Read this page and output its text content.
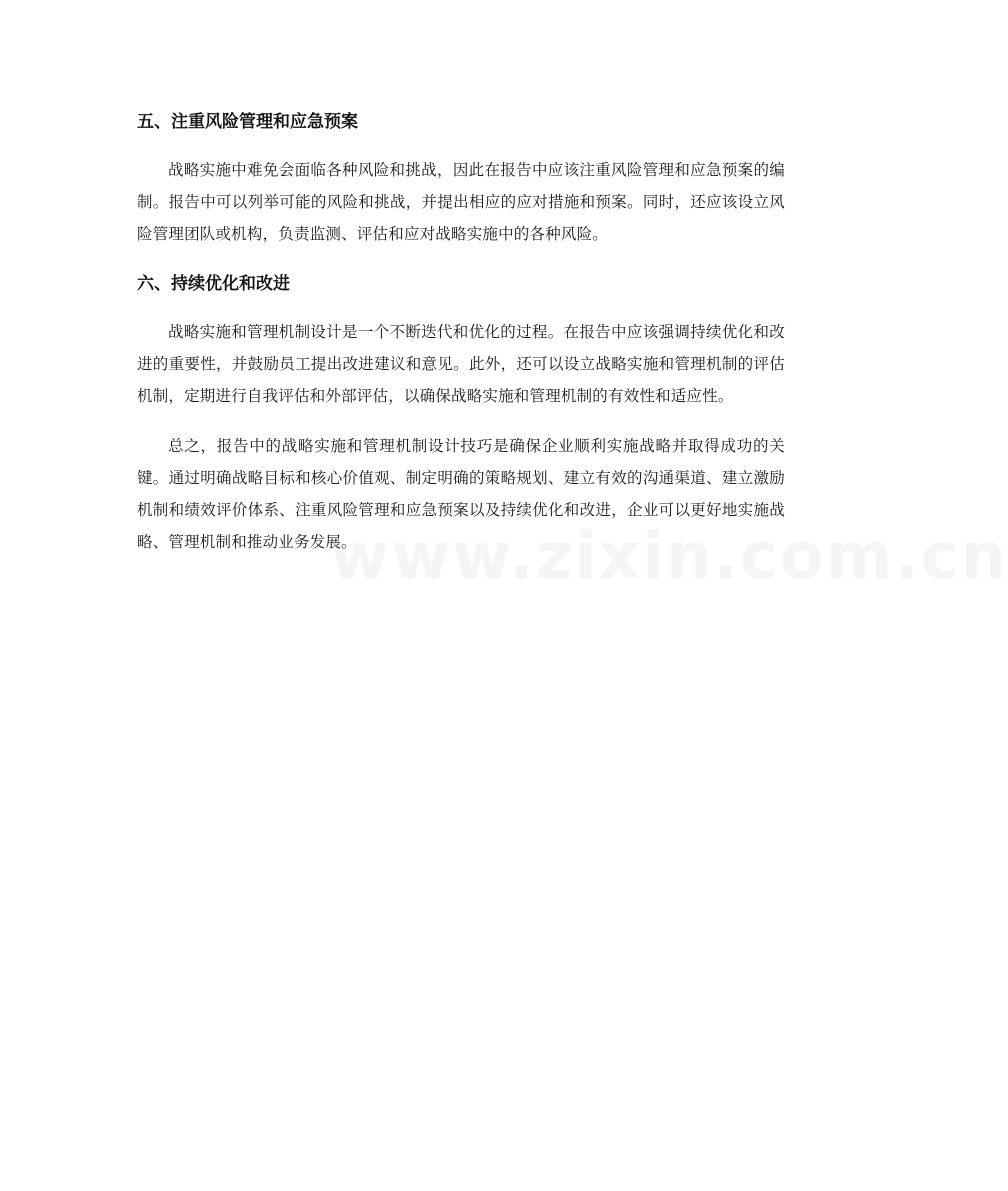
www.zixin.com.cn
五、注重风险管理和应急预案

战略实施中难免会面临各种风险和挑战，因此在报告中应该注重风险管理和应急预案的编制。报告中可以列举可能的风险和挑战，并提出相应的应对措施和预案。同时，还应该设立风险管理团队或机构，负责监测、评估和应对战略实施中的各种风险。

六、持续优化和改进

战略实施和管理机制设计是一个不断迭代和优化的过程。在报告中应该强调持续优化和改进的重要性，并鼓励员工提出改进建议和意见。此外，还可以设立战略实施和管理机制的评估机制，定期进行自我评估和外部评估，以确保战略实施和管理机制的有效性和适应性。

总之，报告中的战略实施和管理机制设计技巧是确保企业顺利实施战略并取得成功的关键。通过明确战略目标和核心价值观、制定明确的策略规划、建立有效的沟通渠道、建立激励机制和绩效评价体系、注重风险管理和应急预案以及持续优化和改进，企业可以更好地实施战略、管理机制和推动业务发展。
